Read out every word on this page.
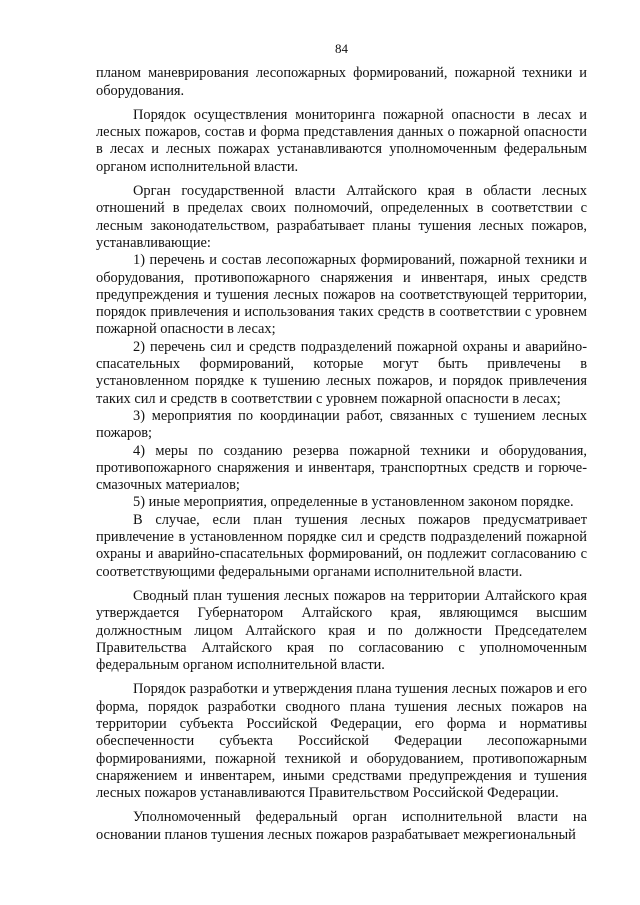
84

планом маневрирования лесопожарных формирований, пожарной техники и оборудования.

Порядок осуществления мониторинга пожарной опасности в лесах и лесных пожаров, состав и форма представления данных о пожарной опасности в лесах и лесных пожарах устанавливаются уполномоченным федеральным органом исполнительной власти.

Орган государственной власти Алтайского края в области лесных отношений в пределах своих полномочий, определенных в соответствии с лесным законодательством, разрабатывает планы тушения лесных пожаров, устанавливающие:

1) перечень и состав лесопожарных формирований, пожарной техники и оборудования, противопожарного снаряжения и инвентаря, иных средств предупреждения и тушения лесных пожаров на соответствующей территории, порядок привлечения и использования таких средств в соответствии с уровнем пожарной опасности в лесах;

2) перечень сил и средств подразделений пожарной охраны и аварийно-спасательных формирований, которые могут быть привлечены в установленном порядке к тушению лесных пожаров, и порядок привлечения таких сил и средств в соответствии с уровнем пожарной опасности в лесах;

3) мероприятия по координации работ, связанных с тушением лесных пожаров;

4) меры по созданию резерва пожарной техники и оборудования, противопожарного снаряжения и инвентаря, транспортных средств и горюче-смазочных материалов;

5) иные мероприятия, определенные в установленном законом порядке.

В случае, если план тушения лесных пожаров предусматривает привлечение в установленном порядке сил и средств подразделений пожарной охраны и аварийно-спасательных формирований, он подлежит согласованию с соответствующими федеральными органами исполнительной власти.

Сводный план тушения лесных пожаров на территории Алтайского края утверждается Губернатором Алтайского края, являющимся высшим должностным лицом Алтайского края и по должности Председателем Правительства Алтайского края по согласованию с уполномоченным федеральным органом исполнительной власти.

Порядок разработки и утверждения плана тушения лесных пожаров и его форма, порядок разработки сводного плана тушения лесных пожаров на территории субъекта Российской Федерации, его форма и нормативы обеспеченности субъекта Российской Федерации лесопожарными формированиями, пожарной техникой и оборудованием, противопожарным снаряжением и инвентарем, иными средствами предупреждения и тушения лесных пожаров устанавливаются Правительством Российской Федерации.

Уполномоченный федеральный орган исполнительной власти на основании планов тушения лесных пожаров разрабатывает межрегиональный
